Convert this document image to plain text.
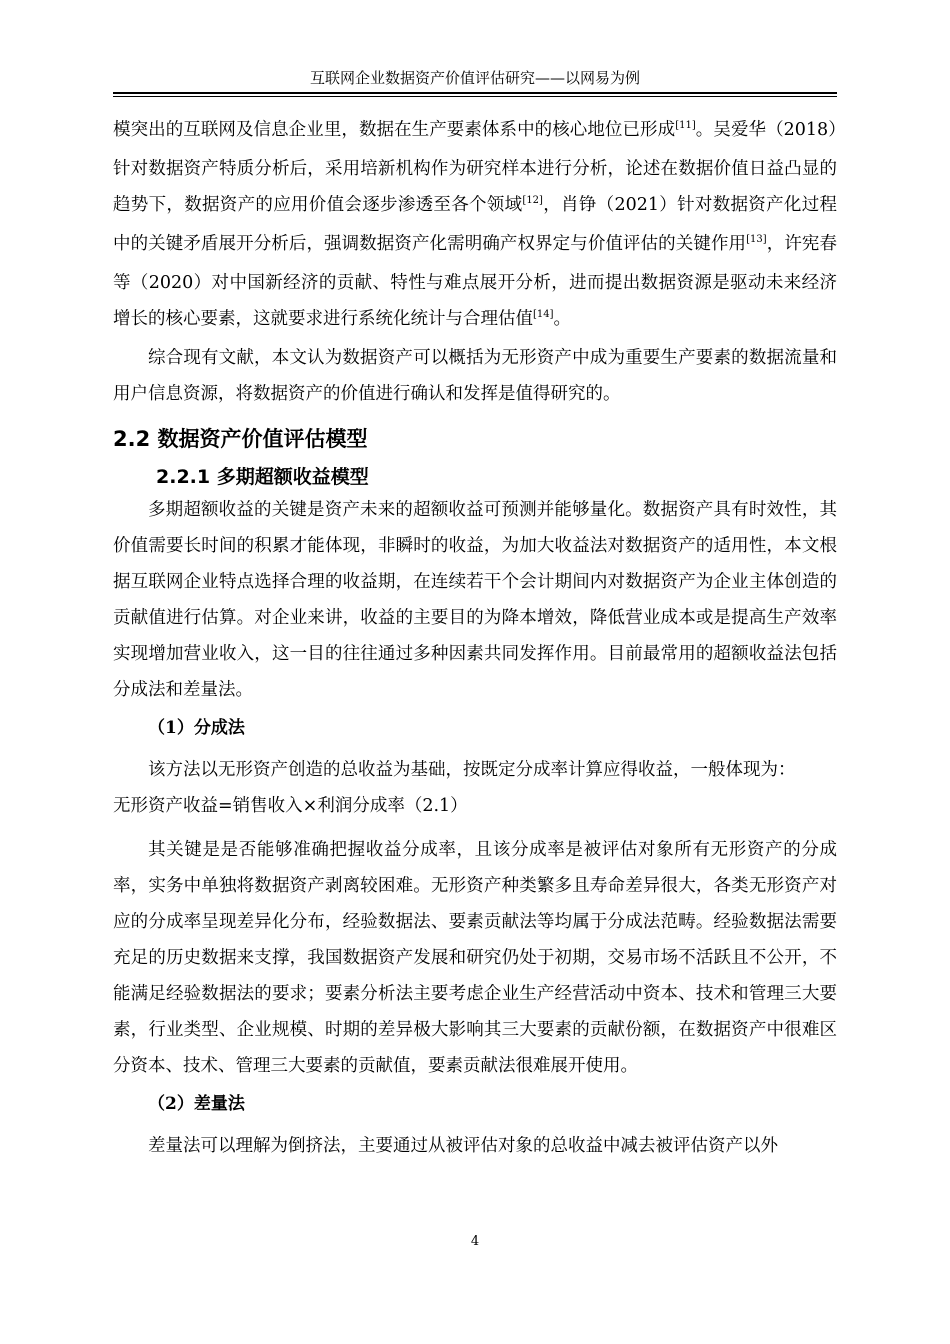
互联网企业数据资产价值评估研究——以网易为例

模突出的互联网及信息企业里，数据在生产要素体系中的核心地位已形成[11]。吴爱华（2018）针对数据资产特质分析后，采用培新机构作为研究样本进行分析，论述在数据价值日益凸显的趋势下，数据资产的应用价值会逐步渗透至各个领域[12]，肖铮（2021）针对数据资产化过程中的关键矛盾展开分析后，强调数据资产化需明确产权界定与价值评估的关键作用[13]，许宪春等（2020）对中国新经济的贡献、特性与难点展开分析，进而提出数据资源是驱动未来经济增长的核心要素，这就要求进行系统化统计与合理估值[14]。

综合现有文献，本文认为数据资产可以概括为无形资产中成为重要生产要素的数据流量和用户信息资源，将数据资产的价值进行确认和发挥是值得研究的。

2.2 数据资产价值评估模型
2.2.1 多期超额收益模型

多期超额收益的关键是资产未来的超额收益可预测并能够量化。数据资产具有时效性，其价值需要长时间的积累才能体现，非瞬时的收益，为加大收益法对数据资产的适用性，本文根据互联网企业特点选择合理的收益期，在连续若干个会计期间内对数据资产为企业主体创造的贡献值进行估算。对企业来讲，收益的主要目的为降本增效，降低营业成本或是提高生产效率实现增加营业收入，这一目的往往通过多种因素共同发挥作用。目前最常用的超额收益法包括分成法和差量法。

（1）分成法

该方法以无形资产创造的总收益为基础，按既定分成率计算应得收益，一般体现为：

无形资产收益=销售收入×利润分成率（2.1）

其关键是是否能够准确把握收益分成率，且该分成率是被评估对象所有无形资产的分成率，实务中单独将数据资产剥离较困难。无形资产种类繁多且寿命差异很大，各类无形资产对应的分成率呈现差异化分布，经验数据法、要素贡献法等均属于分成法范畴。经验数据法需要充足的历史数据来支撑，我国数据资产发展和研究仍处于初期，交易市场不活跃且不公开，不能满足经验数据法的要求；要素分析法主要考虑企业生产经营活动中资本、技术和管理三大要素，行业类型、企业规模、时期的差异极大影响其三大要素的贡献份额，在数据资产中很难区分资本、技术、管理三大要素的贡献值，要素贡献法很难展开使用。

（2）差量法

差量法可以理解为倒挤法，主要通过从被评估对象的总收益中减去被评估资产以外

4
